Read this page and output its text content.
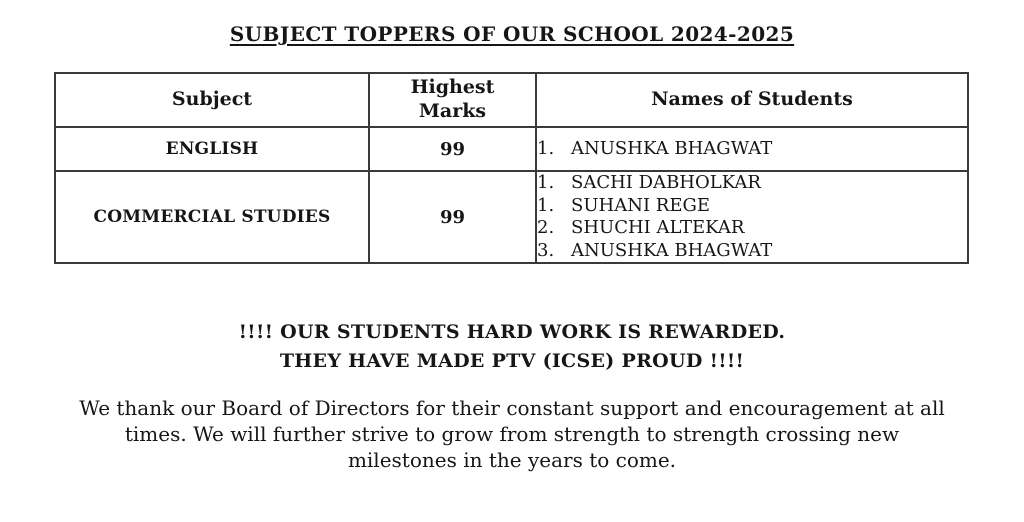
SUBJECT TOPPERS OF OUR SCHOOL 2024-2025
Subject	Highest Marks	Names of Students
ENGLISH	99	1. ANUSHKA BHAGWAT

COMMERCIAL STUDIES	99	1. SACHI DABHOLKAR
1. SUHANI REGE
2. SHUCHI ALTEKAR
3. ANUSHKA BHAGWAT
!!!! OUR STUDENTS HARD WORK IS REWARDED.
THEY HAVE MADE PTV (ICSE) PROUD !!!!
We thank our Board of Directors for their constant support and encouragement at all
times. We will further strive to grow from strength to strength crossing new
milestones in the years to come.
